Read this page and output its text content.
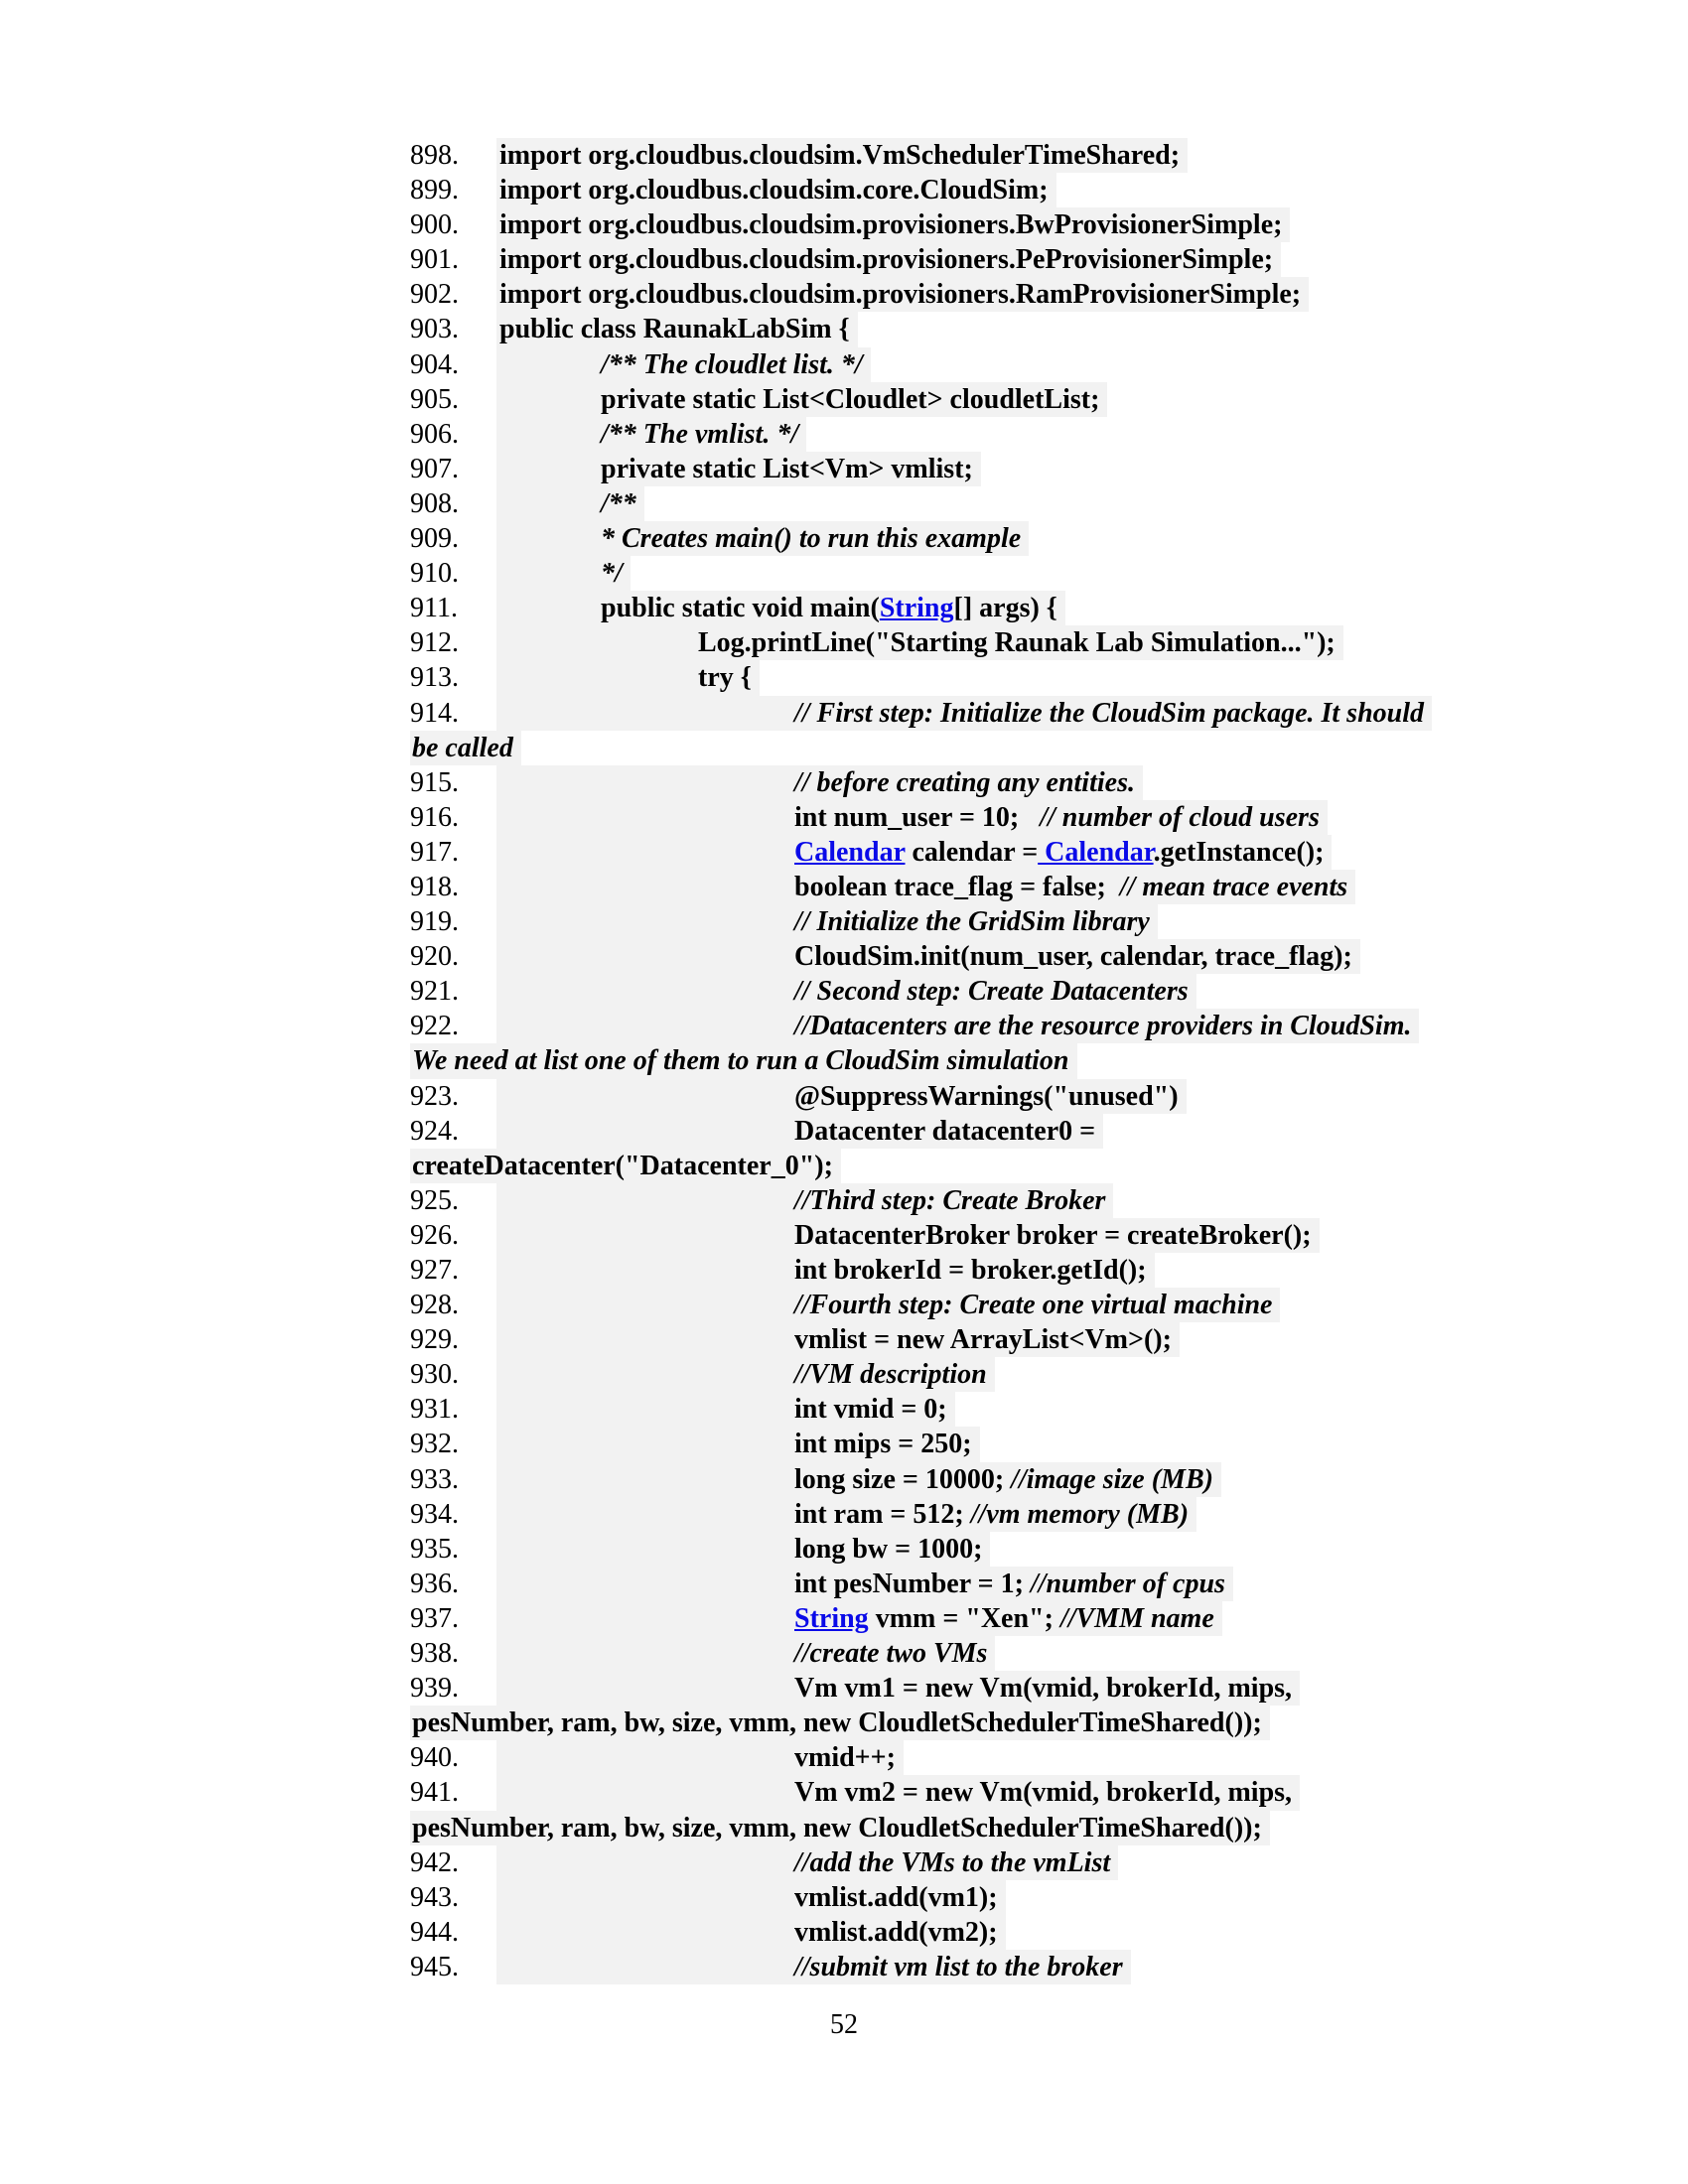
898. import org.cloudbus.cloudsim.VmSchedulerTimeShared;
899. import org.cloudbus.cloudsim.core.CloudSim;
900. import org.cloudbus.cloudsim.provisioners.BwProvisionerSimple;
901. import org.cloudbus.cloudsim.provisioners.PeProvisionerSimple;
902. import org.cloudbus.cloudsim.provisioners.RamProvisionerSimple;
903. public class RaunakLabSim {
904.	/** The cloudlet list. */
905.	private static List<Cloudlet> cloudletList;
906.	/** The vmlist. */
907.	private static List<Vm> vmlist;
908.	/**
909.	* Creates main() to run this example
910.	*/
911.	public static void main(String[] args) {
912.	Log.printLine("Starting Raunak Lab Simulation...");
913.	try {
914.	// First step: Initialize the CloudSim package. It should
be called
915.	// before creating any entities.
916.	int num_user = 10;   // number of cloud users
917.	Calendar calendar = Calendar.getInstance();
918.	boolean trace_flag = false;  // mean trace events
919.	// Initialize the GridSim library
920.	CloudSim.init(num_user, calendar, trace_flag);
921.	// Second step: Create Datacenters
922.	//Datacenters are the resource providers in CloudSim.
We need at list one of them to run a CloudSim simulation
923.	@SuppressWarnings("unused")
924.	Datacenter datacenter0 =
createDatacenter("Datacenter_0");
925.	//Third step: Create Broker
926.	DatacenterBroker broker = createBroker();
927.	int brokerId = broker.getId();
928.	//Fourth step: Create one virtual machine
929.	vmlist = new ArrayList<Vm>();
930.	//VM description
931.	int vmid = 0;
932.	int mips = 250;
933.	long size = 10000; //image size (MB)
934.	int ram = 512; //vm memory (MB)
935.	long bw = 1000;
936.	int pesNumber = 1; //number of cpus
937.	String vmm = "Xen"; //VMM name
938.	//create two VMs
939.	Vm vm1 = new Vm(vmid, brokerId, mips,
pesNumber, ram, bw, size, vmm, new CloudletSchedulerTimeShared());
940.	vmid++;
941.	Vm vm2 = new Vm(vmid, brokerId, mips,
pesNumber, ram, bw, size, vmm, new CloudletSchedulerTimeShared());
942.	//add the VMs to the vmList
943.	vmlist.add(vm1);
944.	vmlist.add(vm2);
945.	//submit vm list to the broker
52
